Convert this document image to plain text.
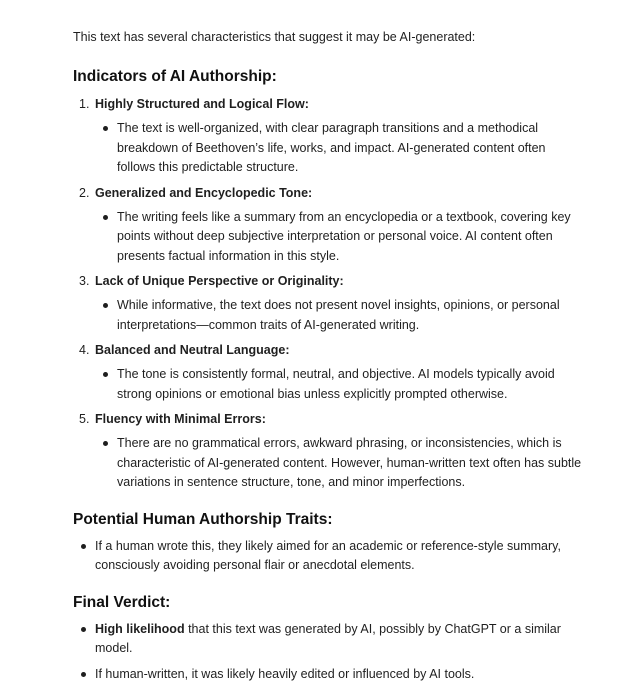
This text has several characteristics that suggest it may be AI-generated:

Indicators of AI Authorship:
1. Highly Structured and Logical Flow:
The text is well-organized, with clear paragraph transitions and a methodical breakdown of Beethoven’s life, works, and impact. AI-generated content often follows this predictable structure.
2. Generalized and Encyclopedic Tone:
The writing feels like a summary from an encyclopedia or a textbook, covering key points without deep subjective interpretation or personal voice. AI content often presents factual information in this style.
3. Lack of Unique Perspective or Originality:
While informative, the text does not present novel insights, opinions, or personal interpretations—common traits of AI-generated writing.
4. Balanced and Neutral Language:
The tone is consistently formal, neutral, and objective. AI models typically avoid strong opinions or emotional bias unless explicitly prompted otherwise.
5. Fluency with Minimal Errors:
There are no grammatical errors, awkward phrasing, or inconsistencies, which is characteristic of AI-generated content. However, human-written text often has subtle variations in sentence structure, tone, and minor imperfections.
Potential Human Authorship Traits:
If a human wrote this, they likely aimed for an academic or reference-style summary, consciously avoiding personal flair or anecdotal elements.
Final Verdict:
High likelihood that this text was generated by AI, possibly by ChatGPT or a similar model.
If human-written, it was likely heavily edited or influenced by AI tools.
